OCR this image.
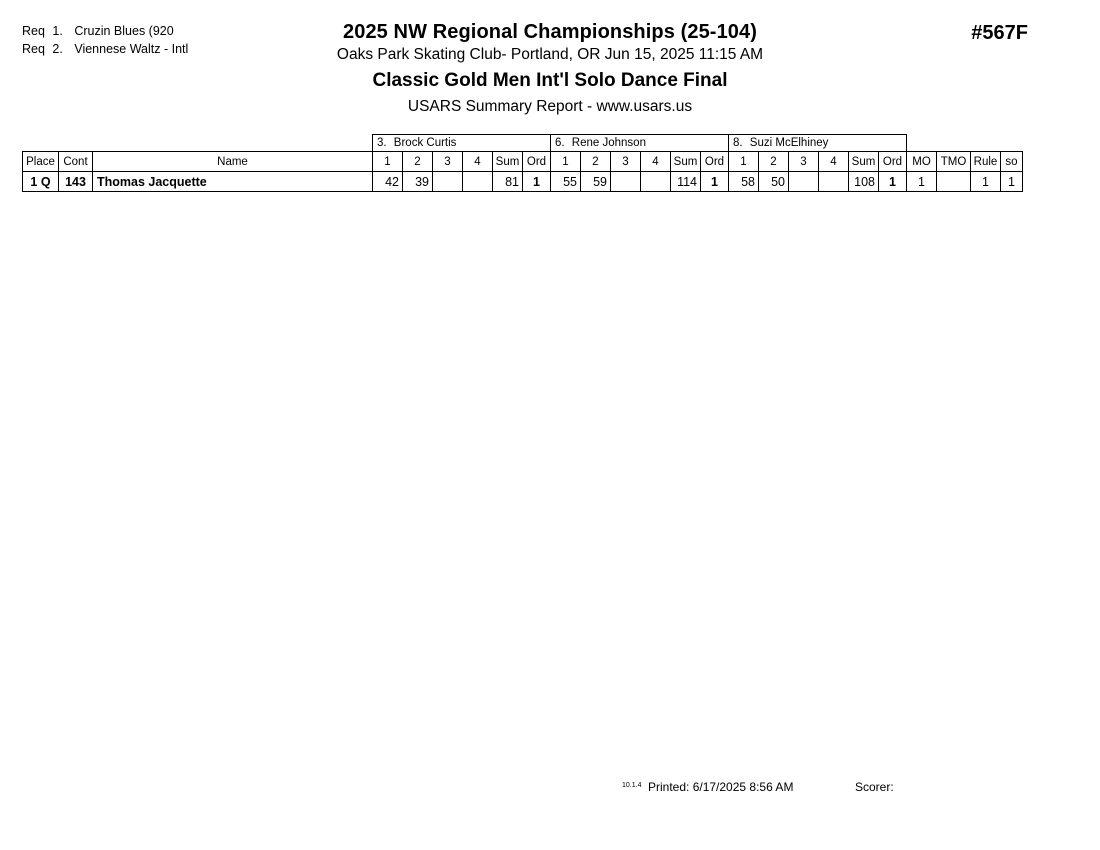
Req 1. Cruzin Blues (920
Req 2. Viennese Waltz - Intl
2025 NW Regional Championships (25-104)
Oaks Park Skating Club- Portland, OR Jun 15, 2025 11:15 AM
Classic Gold Men Int'l Solo Dance Final
USARS Summary Report - www.usars.us
#567F
			3. Brock Curtis						6. Rene Johnson						8. Suzi McElhiney									
Place	Cont	Name	1	2	3	4	Sum	Ord	1	2	3	4	Sum	Ord	1	2	3	4	Sum	Ord	MO	TMO	Rule	so
1 Q	143	Thomas Jacquette	42	39			81	1	55	59			114	1	58	50			108	1	1		1	1
10.1.4 Printed: 6/17/2025 8:56 AM	Scorer:
